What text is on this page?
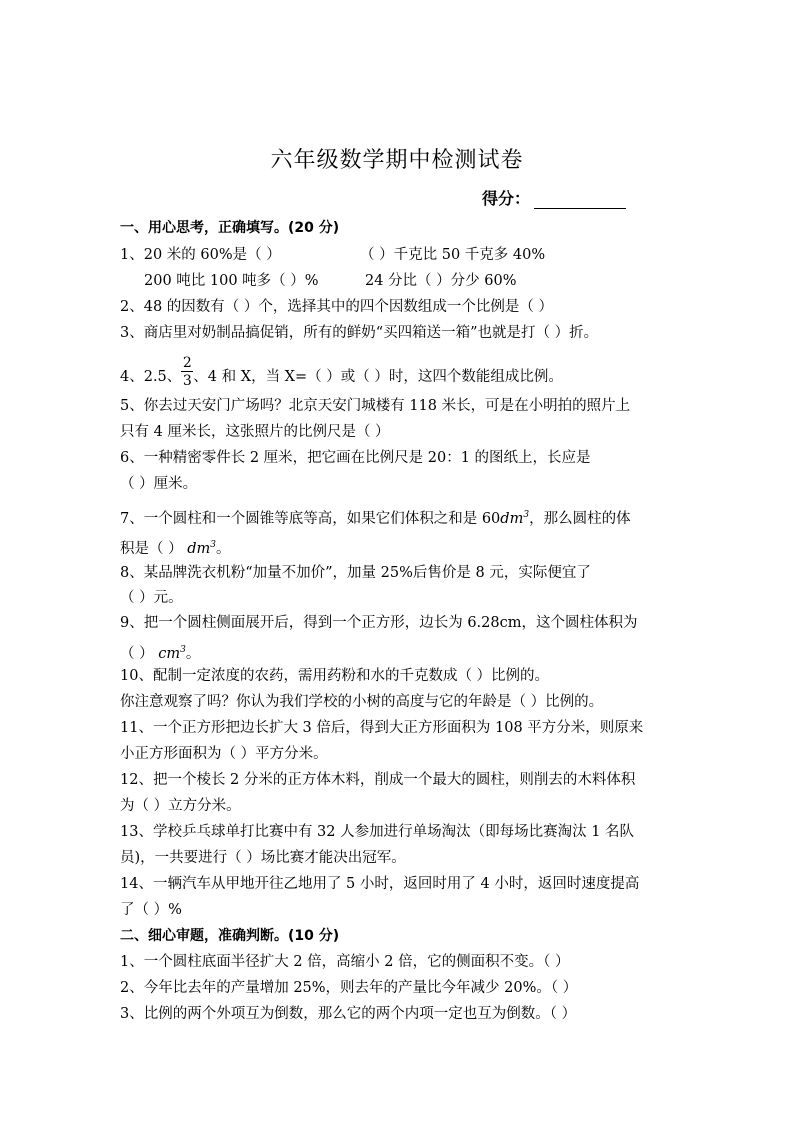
六年级数学期中检测试卷
得分：
一、用心思考，正确填写。(20 分)
1、20 米的 60%是（ ）	（ ）千克比 50 千克多 40%
200 吨比 100 吨多（ ）%	24 分比（ ）分少 60%
2、48 的因数有（ ）个，选择其中的四个因数组成一个比例是（ ）
3、商店里对奶制品搞促销，所有的鲜奶“买四箱送一箱”也就是打（ ）折。
4、2.5、 $\frac{2}{3}$ 、4 和 X，当 X=（ ）或（ ）时，这四个数能组成比例。
5、你去过天安门广场吗？北京天安门城楼有 118 米长，可是在小明拍的照片上
只有 4 厘米长，这张照片的比例尺是（ ）
6、一种精密零件长 2 厘米，把它画在比例尺是 20：1 的图纸上，长应是
（ ）厘米。
7、一个圆柱和一个圆锥等底等高，如果它们体积之和是 $60dm^3$，那么圆柱的体
积是（ ） $dm^3$。
8、某品牌洗衣机粉“加量不加价”，加量 25%后售价是 8 元，实际便宜了
（ ）元。
9、把一个圆柱侧面展开后，得到一个正方形，边长为 6.28cm，这个圆柱体积为
（ ） $cm^3$。
10、配制一定浓度的农药，需用药粉和水的千克数成（ ）比例的。
你注意观察了吗？你认为我们学校的小树的高度与它的年龄是（ ）比例的。
11、一个正方形把边长扩大 3 倍后，得到大正方形面积为 108 平方分米，则原来
小正方形面积为（ ）平方分米。
12、把一个棱长 2 分米的正方体木料，削成一个最大的圆柱，则削去的木料体积
为（ ）立方分米。
13、学校乒乓球单打比赛中有 32 人参加进行单场淘汰（即每场比赛淘汰 1 名队
员)，一共要进行（ ）场比赛才能决出冠军。
14、一辆汽车从甲地开往乙地用了 5 小时，返回时用了 4 小时，返回时速度提高
了（ ）%
二、细心审题，准确判断。(10 分)
1、一个圆柱底面半径扩大 2 倍，高缩小 2 倍，它的侧面积不变。（ ）
2、今年比去年的产量增加 25%，则去年的产量比今年减少 20%。（ ）
3、比例的两个外项互为倒数，那么它的两个内项一定也互为倒数。（ ）
